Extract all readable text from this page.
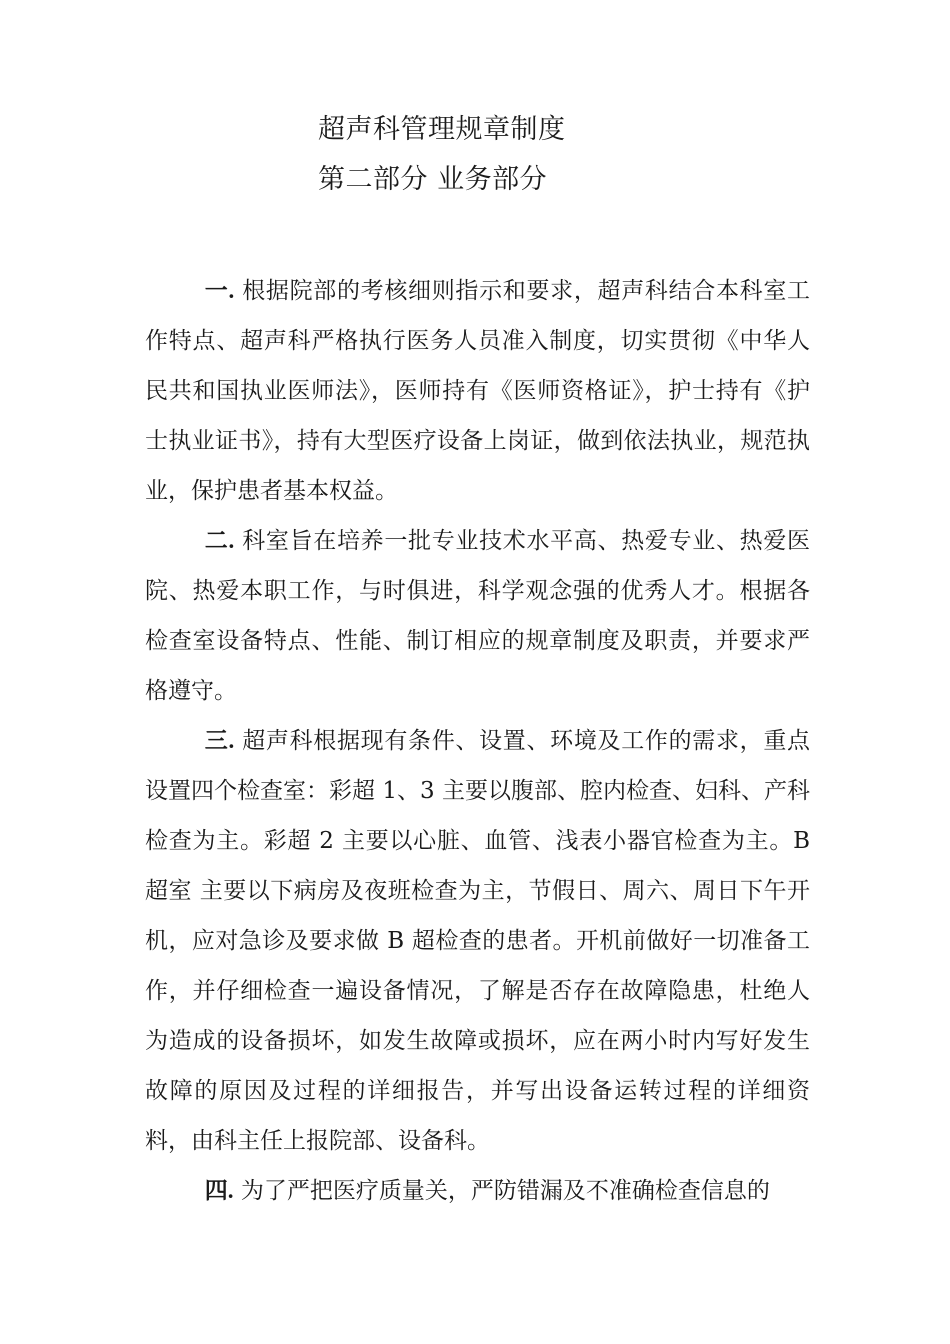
超声科管理规章制度
第二部分 业务部分

一. 根据院部的考核细则指示和要求，超声科结合本科室工作特点、超声科严格执行医务人员准入制度，切实贯彻《中华人民共和国执业医师法》，医师持有《医师资格证》，护士持有《护士执业证书》，持有大型医疗设备上岗证，做到依法执业，规范执业，保护患者基本权益。

二. 科室旨在培养一批专业技术水平高、热爱专业、热爱医院、热爱本职工作，与时俱进，科学观念强的优秀人才。根据各检查室设备特点、性能、制订相应的规章制度及职责，并要求严格遵守。

三. 超声科根据现有条件、设置、环境及工作的需求，重点设置四个检查室：彩超 1、3 主要以腹部、腔内检查、妇科、产科检查为主。彩超 2 主要以心脏、血管、浅表小器官检查为主。B 超室 主要以下病房及夜班检查为主，节假日、周六、周日下午开机，应对急诊及要求做 B 超检查的患者。开机前做好一切准备工作，并仔细检查一遍设备情况，了解是否存在故障隐患，杜绝人为造成的设备损坏，如发生故障或损坏，应在两小时内写好发生故障的原因及过程的详细报告，并写出设备运转过程的详细资料，由科主任上报院部、设备科。

四. 为了严把医疗质量关，严防错漏及不准确检查信息的
